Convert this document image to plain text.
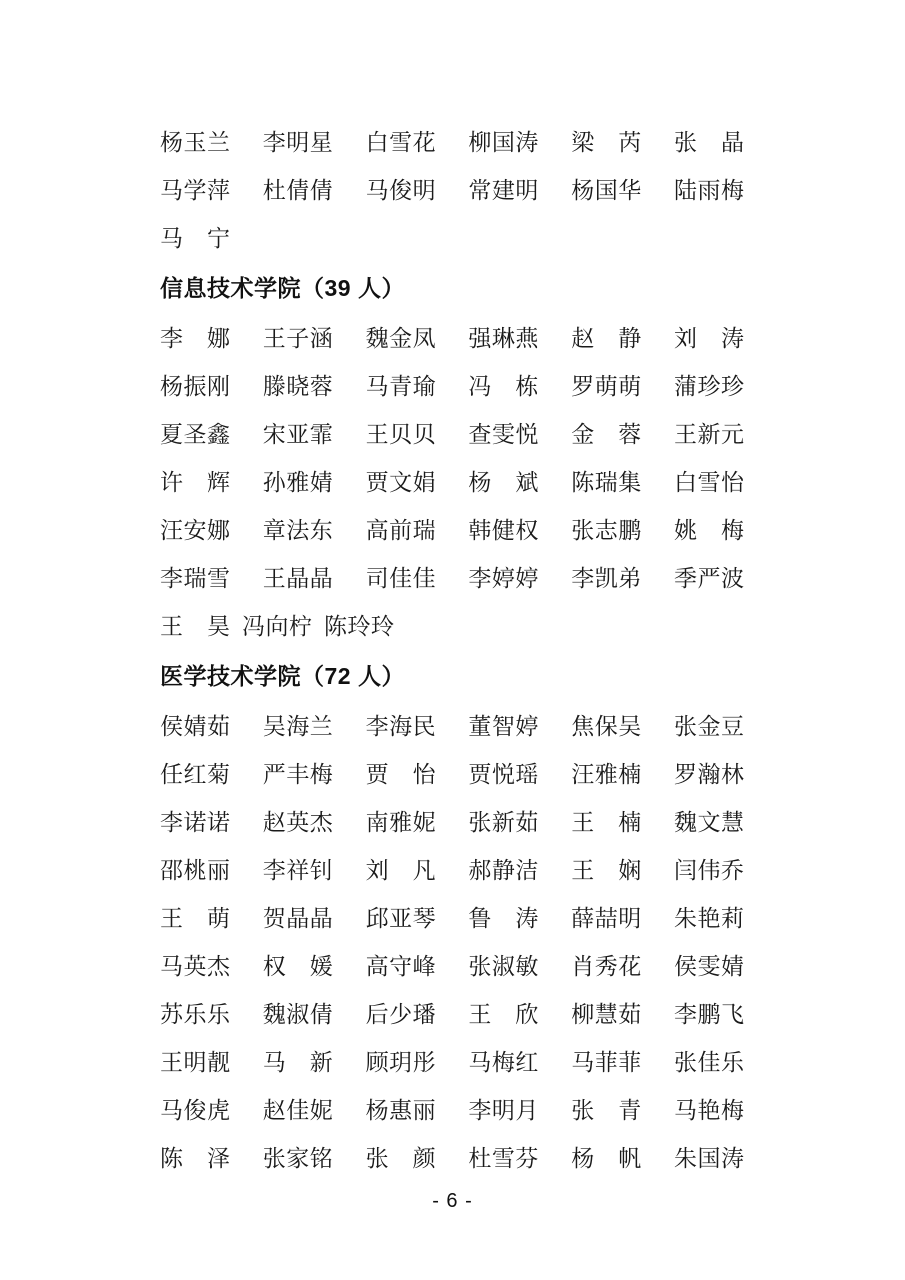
杨玉兰 李明星 白雪花 柳国涛 梁　芮 张　晶
马学萍 杜倩倩 马俊明 常建明 杨国华 陆雨梅
马　宁
信息技术学院（39 人）
李　娜 王子涵 魏金凤 强琳燕 赵　静 刘　涛
杨振刚 滕晓蓉 马青瑜 冯　栋 罗萌萌 蒲珍珍
夏圣鑫 宋亚霏 王贝贝 查雯悦 金　蓉 王新元
许　辉 孙雅婧 贾文娟 杨　斌 陈瑞集 白雪怡
汪安娜 章法东 高前瑞 韩健权 张志鹏 姚　梅
李瑞雪 王晶晶 司佳佳 李婷婷 李凯弟 季严波
王　昊 冯向柠 陈玲玲
医学技术学院（72 人）
侯婧茹 吴海兰 李海民 董智婷 焦保吴 张金豆
任红菊 严丰梅 贾　怡 贾悦瑶 汪雅楠 罗瀚林
李诺诺 赵英杰 南雅妮 张新茹 王　楠 魏文慧
邵桃丽 李祥钊 刘　凡 郝静洁 王　娴 闫伟乔
王　萌 贺晶晶 邱亚琴 鲁　涛 薛喆明 朱艳莉
马英杰 权　媛 高守峰 张淑敏 肖秀花 侯雯婧
苏乐乐 魏淑倩 后少璠 王　欣 柳慧茹 李鹏飞
王明靓 马　新 顾玥彤 马梅红 马菲菲 张佳乐
马俊虎 赵佳妮 杨惠丽 李明月 张　青 马艳梅
陈　泽 张家铭 张　颜 杜雪芬 杨　帆 朱国涛
- 6 -
